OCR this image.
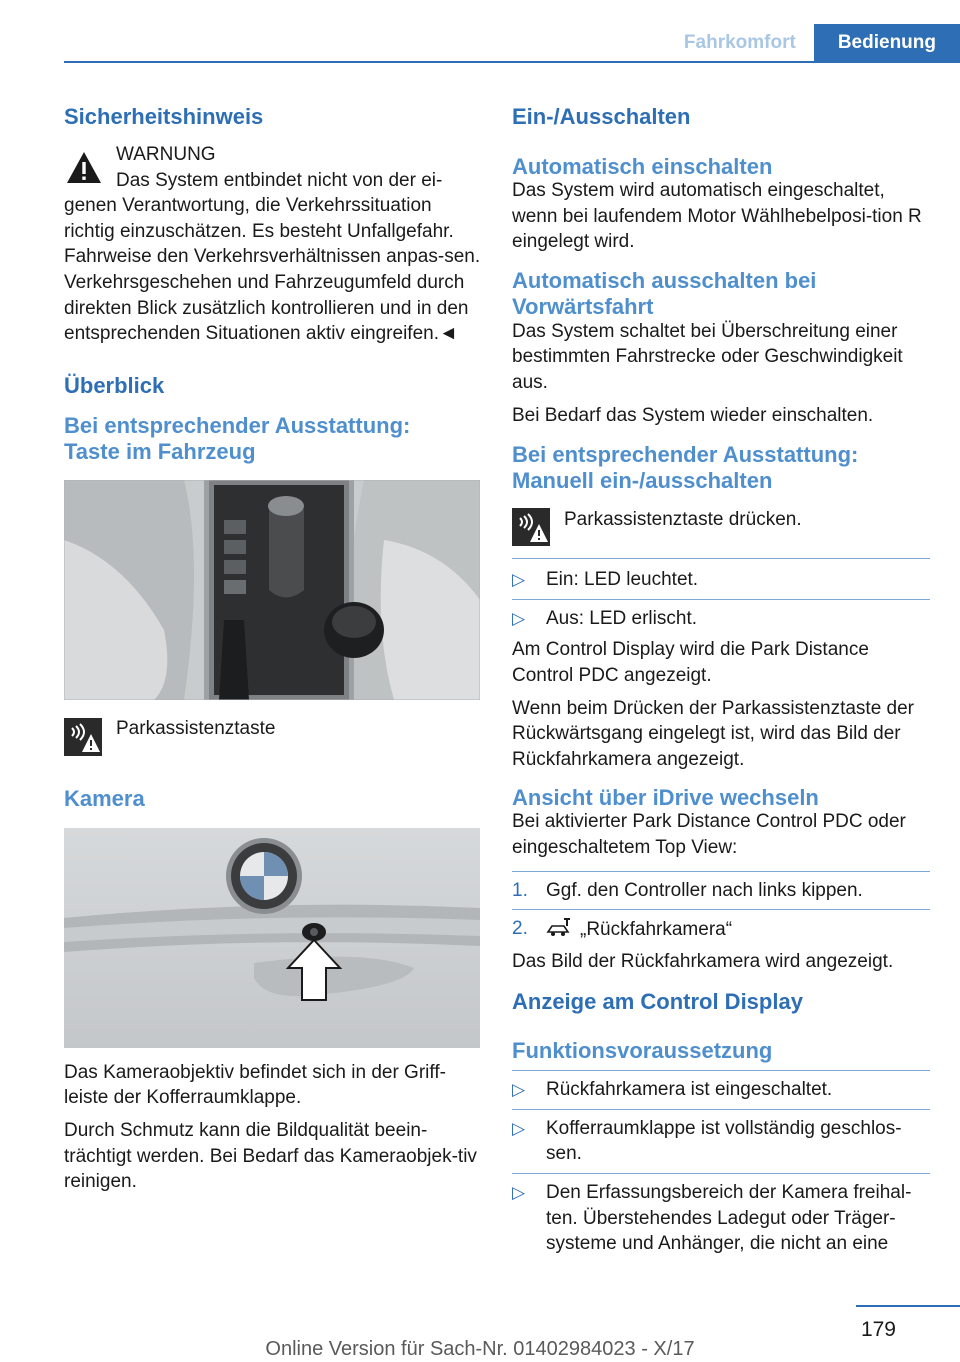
Fahrkomfort	Bedienung
Sicherheitshinweis
WARNUNG
Das System entbindet nicht von der ei-
genen Verantwortung, die Verkehrssituation richtig einzuschätzen. Es besteht Unfallgefahr. Fahrweise den Verkehrsverhältnissen anpas-sen. Verkehrsgeschehen und Fahrzeugumfeld durch direkten Blick zusätzlich kontrollieren und in den entsprechenden Situationen aktiv eingreifen.◄
Überblick
Bei entsprechender Ausstattung: Taste im Fahrzeug
Parkassistenztaste
Kamera

Das Kameraobjektiv befindet sich in der Griff-leiste der Kofferraumklappe.

Durch Schmutz kann die Bildqualität beein-trächtigt werden. Bei Bedarf das Kameraobjek-tiv reinigen.

Ein-/Ausschalten
Automatisch einschalten

Das System wird automatisch eingeschaltet, wenn bei laufendem Motor Wählhebelposi-tion R eingelegt wird.

Automatisch ausschalten bei Vorwärtsfahrt

Das System schaltet bei Überschreitung einer bestimmten Fahrstrecke oder Geschwindigkeit aus.

Bei Bedarf das System wieder einschalten.

Bei entsprechender Ausstattung: Manuell ein-/ausschalten
Parkassistenztaste drücken.
▷ Ein: LED leuchtet.
▷ Aus: LED erlischt.

Am Control Display wird die Park Distance Control PDC angezeigt.

Wenn beim Drücken der Parkassistenztaste der Rückwärtsgang eingelegt ist, wird das Bild der Rückfahrkamera angezeigt.

Ansicht über iDrive wechseln

Bei aktivierter Park Distance Control PDC oder eingeschaltetem Top View:

1. Ggf. den Controller nach links kippen.
2.	„Rückfahrkamera“

Das Bild der Rückfahrkamera wird angezeigt.

Anzeige am Control Display
Funktionsvoraussetzung
▷ Rückfahrkamera ist eingeschaltet.
▷ Kofferraumklappe ist vollständig geschlos-sen.
▷ Den Erfassungsbereich der Kamera freihal-ten. Überstehendes Ladegut oder Träger-systeme und Anhänger, die nicht an eine
179
Online Version für Sach-Nr. 01402984023 - X/17
